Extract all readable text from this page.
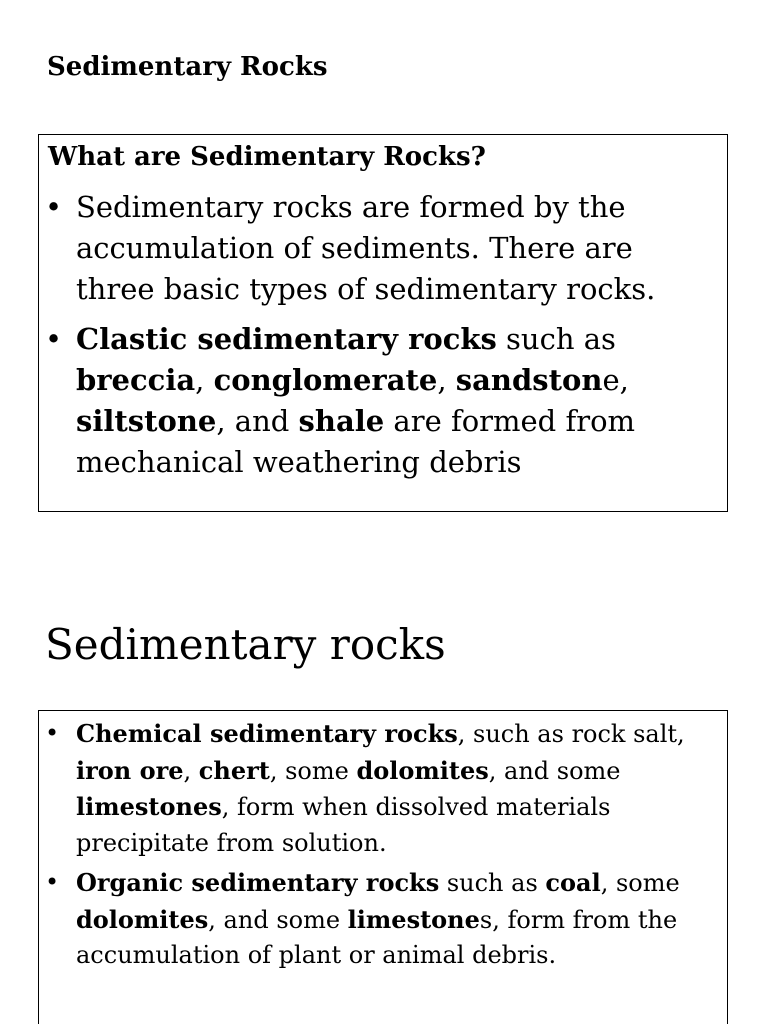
Sedimentary Rocks
What are Sedimentary Rocks?
• Sedimentary rocks are formed by the accumulation of sediments. There are three basic types of sedimentary rocks.
• Clastic sedimentary rocks such as breccia, conglomerate, sandstone, siltstone, and shale are formed from mechanical weathering debris
Sedimentary rocks
• Chemical sedimentary rocks, such as rock salt, iron ore, chert, some dolomites, and some limestones, form when dissolved materials precipitate from solution.
• Organic sedimentary rocks such as coal, some dolomites, and some limestones, form from the accumulation of plant or animal debris.
